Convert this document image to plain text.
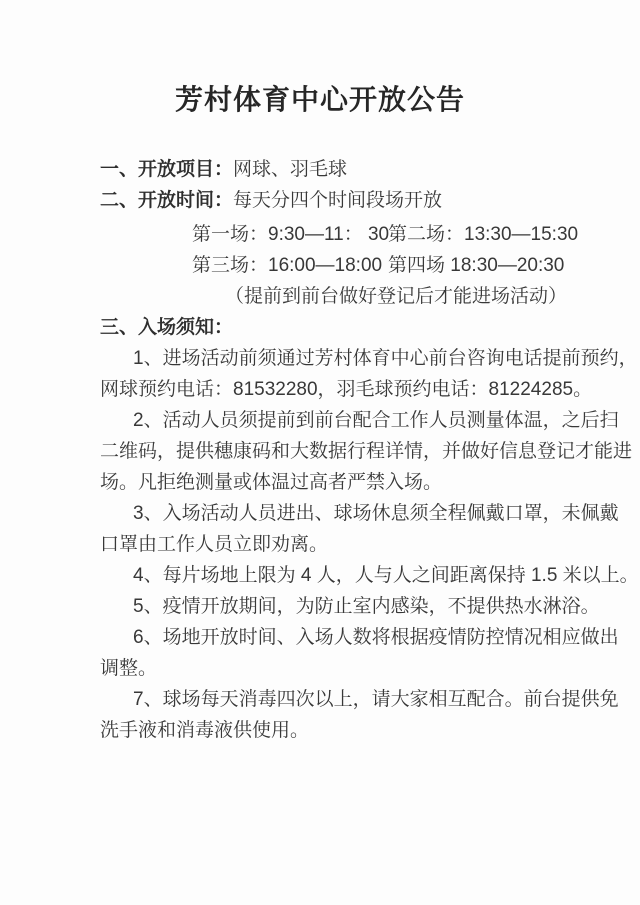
芳村体育中心开放公告
一、开放项目：网球、羽毛球
二、开放时间：每天分四个时间段场开放
第一场：9:30—11： 30第二场：13:30—15:30
第三场：16:00—18:00 第四场 18:30—20:30
（提前到前台做好登记后才能进场活动）
三、入场须知：
1、进场活动前须通过芳村体育中心前台咨询电话提前预约，
网球预约电话：81532280，羽毛球预约电话：81224285。
2、活动人员须提前到前台配合工作人员测量体温，之后扫
二维码，提供穗康码和大数据行程详情，并做好信息登记才能进
场。凡拒绝测量或体温过高者严禁入场。
3、入场活动人员进出、球场休息须全程佩戴口罩，未佩戴
口罩由工作人员立即劝离。
4、每片场地上限为 4 人，人与人之间距离保持 1.5 米以上。
5、疫情开放期间，为防止室内感染，不提供热水淋浴。
6、场地开放时间、入场人数将根据疫情防控情况相应做出
调整。
7、球场每天消毒四次以上，请大家相互配合。前台提供免
洗手液和消毒液供使用。
